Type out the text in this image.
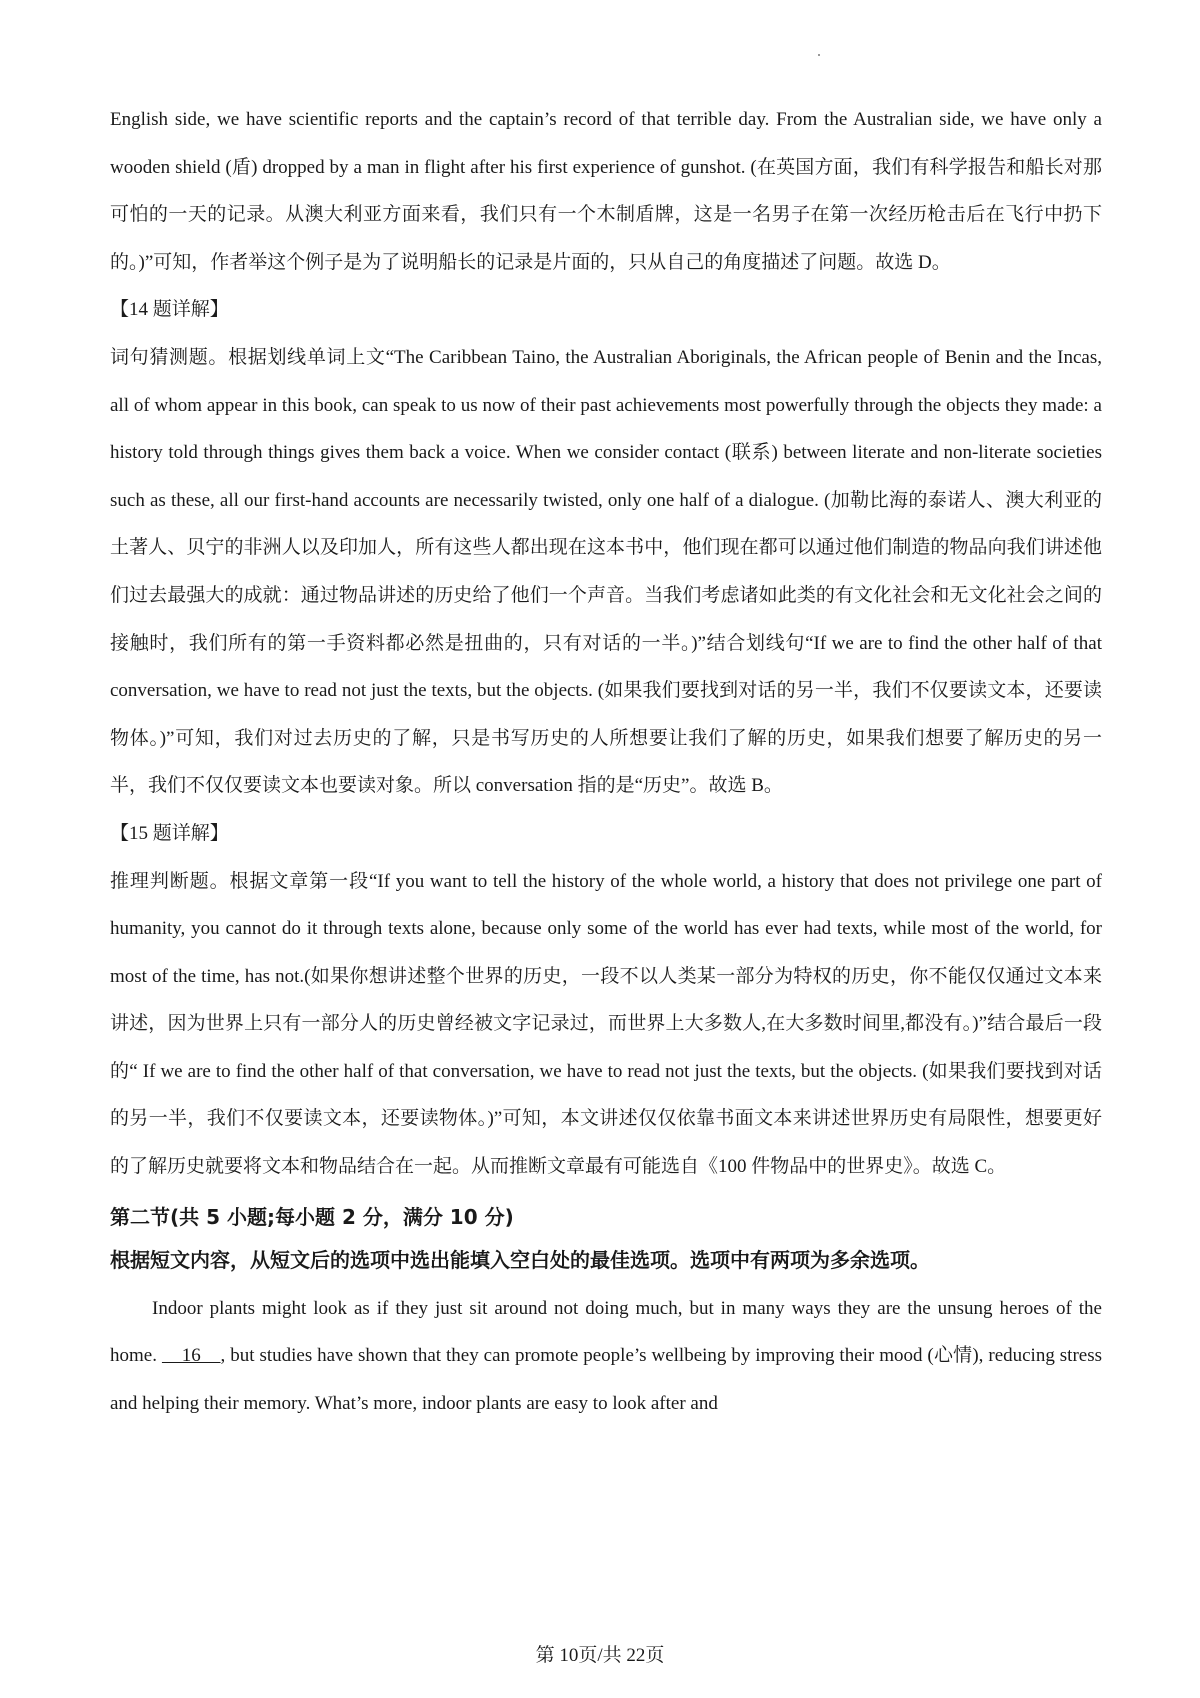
English side, we have scientific reports and the captain’s record of that terrible day. From the Australian side, we have only a wooden shield (盾) dropped by a man in flight after his first experience of gunshot. (在英国方面，我们有科学报告和船长对那可怕的一天的记录。从澳大利亚方面来看，我们只有一个木制盾牌，这是一名男子在第一次经历枪击后在飞行中扔下的。)”可知，作者举这个例子是为了说明船长的记录是片面的，只从自己的角度描述了问题。故选 D。

【14 题详解】

词句猜测题。根据划线单词上文“The Caribbean Taino, the Australian Aboriginals, the African people of Benin and the Incas, all of whom appear in this book, can speak to us now of their past achievements most powerfully through the objects they made: a history told through things gives them back a voice. When we consider contact (联系) between literate and non-literate societies such as these, all our first-hand accounts are necessarily twisted, only one half of a dialogue. (加勒比海的泰诺人、澳大利亚的土著人、贝宁的非洲人以及印加人，所有这些人都出现在这本书中，他们现在都可以通过他们制造的物品向我们讲述他们过去最强大的成就：通过物品讲述的历史给了他们一个声音。当我们考虑诸如此类的有文化社会和无文化社会之间的接触时，我们所有的第一手资料都必然是扭曲的，只有对话的一半。)”结合划线句“If we are to find the other half of that conversation, we have to read not just the texts, but the objects. (如果我们要找到对话的另一半，我们不仅要读文本，还要读物体。)”可知，我们对过去历史的了解，只是书写历史的人所想要让我们了解的历史，如果我们想要了解历史的另一半，我们不仅仅要读文本也要读对象。所以 conversation 指的是“历史”。故选 B。

【15 题详解】

推理判断题。根据文章第一段“If you want to tell the history of the whole world, a history that does not privilege one part of humanity, you cannot do it through texts alone, because only some of the world has ever had texts, while most of the world, for most of the time, has not.(如果你想讲述整个世界的历史，一段不以人类某一部分为特权的历史，你不能仅仅通过文本来讲述，因为世界上只有一部分人的历史曾经被文字记录过，而世界上大多数人,在大多数时间里,都没有。)”结合最后一段的“ If we are to find the other half of that conversation, we have to read not just the texts, but the objects. (如果我们要找到对话的另一半，我们不仅要读文本，还要读物体。)”可知，本文讲述仅仅依靠书面文本来讲述世界历史有局限性，想要更好的了解历史就要将文本和物品结合在一起。从而推断文章最有可能选自《100 件物品中的世界史》。故选 C。

第二节(共 5 小题;每小题 2 分，满分 10 分)

根据短文内容，从短文后的选项中选出能填入空白处的最佳选项。选项中有两项为多余选项。

Indoor plants might look as if they just sit around not doing much, but in many ways they are the unsung heroes of the home.     16    , but studies have shown that they can promote people’s wellbeing by improving their mood (心情), reducing stress and helping their memory. What’s more, indoor plants are easy to look after and

第 10页/共 22页
